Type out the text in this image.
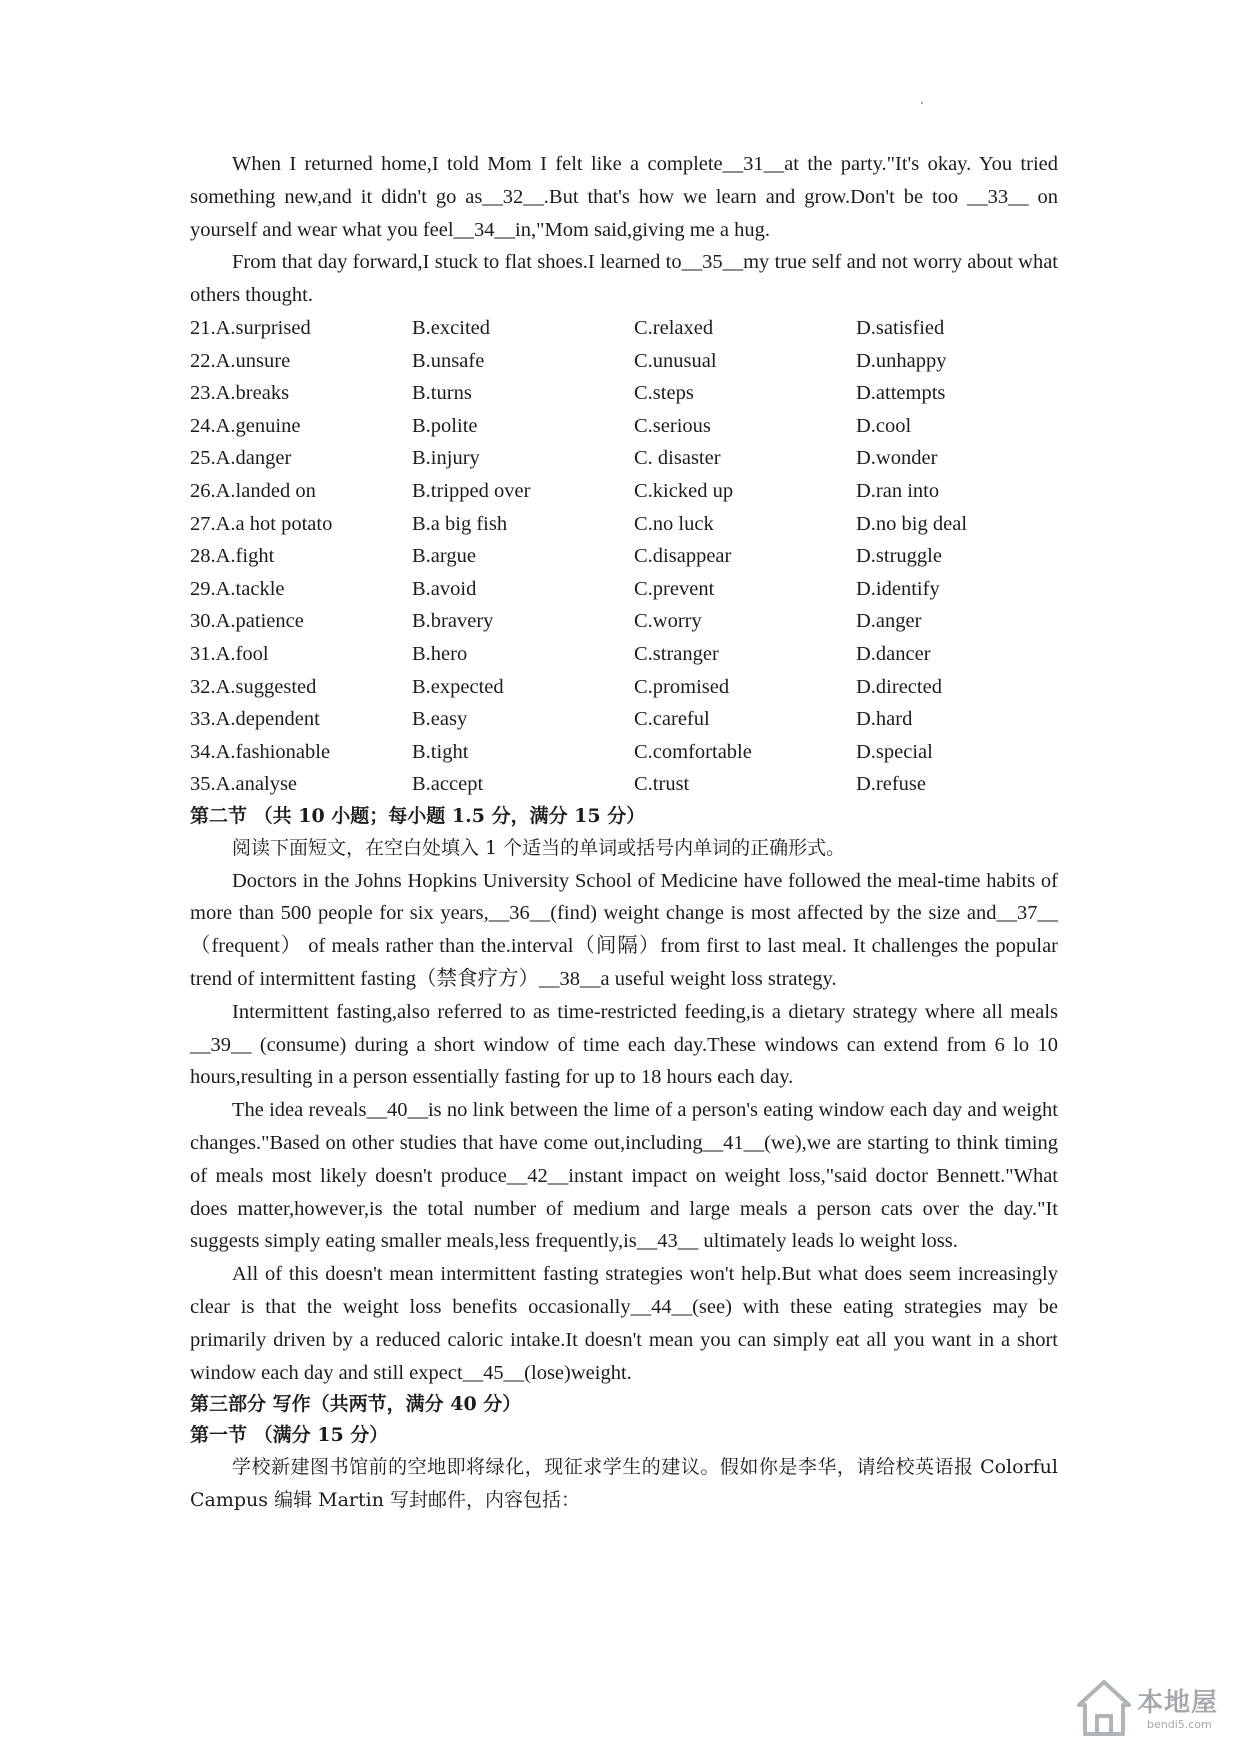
When I returned home,I told Mom I felt like a complete__31__at the party."It's okay. You tried something new,and it didn't go as__32__.But that's how we learn and grow.Don't be too __33__ on yourself and wear what you feel__34__in,"Mom said,giving me a hug.

From that day forward,I stuck to flat shoes.I learned to__35__my true self and not worry about what others thought.

21.A.surprised	B.excited	C.relaxed	D.satisfied
22.A.unsure	B.unsafe	C.unusual	D.unhappy
23.A.breaks	B.turns	C.steps	D.attempts
24.A.genuine	B.polite	C.serious	D.cool
25.A.danger	B.injury	C. disaster	D.wonder
26.A.landed on	B.tripped over	C.kicked up	D.ran into
27.A.a hot potato	B.a big fish	C.no luck	D.no big deal
28.A.fight	B.argue	C.disappear	D.struggle
29.A.tackle	B.avoid	C.prevent	D.identify
30.A.patience	B.bravery	C.worry	D.anger
31.A.fool	B.hero	C.stranger	D.dancer
32.A.suggested	B.expected	C.promised	D.directed
33.A.dependent	B.easy	C.careful	D.hard
34.A.fashionable	B.tight	C.comfortable	D.special
35.A.analyse	B.accept	C.trust	D.refuse

第二节 （共 10 小题；每小题 1.5 分，满分 15 分）

阅读下面短文，在空白处填入 1 个适当的单词或括号内单词的正确形式。

Doctors in the Johns Hopkins University School of Medicine have followed the meal-time habits of more than 500 people for six years,__36__(find) weight change is most affected by the size and__37__（frequent） of meals rather than the.interval（间隔）from first to last meal. It challenges the popular trend of intermittent fasting（禁食疗方）__38__a useful weight loss strategy.

Intermittent fasting,also referred to as time-restricted feeding,is a dietary strategy where all meals __39__ (consume) during a short window of time each day.These windows can extend from 6 lo 10 hours,resulting in a person essentially fasting for up to 18 hours each day.

The idea reveals__40__is no link between the lime of a person's eating window each day and weight changes."Based on other studies that have come out,including__41__(we),we are starting to think timing of meals most likely doesn't produce__42__instant impact on weight loss,"said doctor Bennett."What does matter,however,is the total number of medium and large meals a person cats over the day."It suggests simply eating smaller meals,less frequently,is__43__ ultimately leads lo weight loss.

All of this doesn't mean intermittent fasting strategies won't help.But what does seem increasingly clear is that the weight loss benefits occasionally__44__(see) with these eating strategies may be primarily driven by a reduced caloric intake.It doesn't mean you can simply eat all you want in a short window each day and still expect__45__(lose)weight.

第三部分 写作（共两节，满分 40 分）

第一节 （满分 15 分）

学校新建图书馆前的空地即将绿化，现征求学生的建议。假如你是李华，请给校英语报 Colorful Campus 编辑 Martin 写封邮件，内容包括：

本地屋
bendi5.com
